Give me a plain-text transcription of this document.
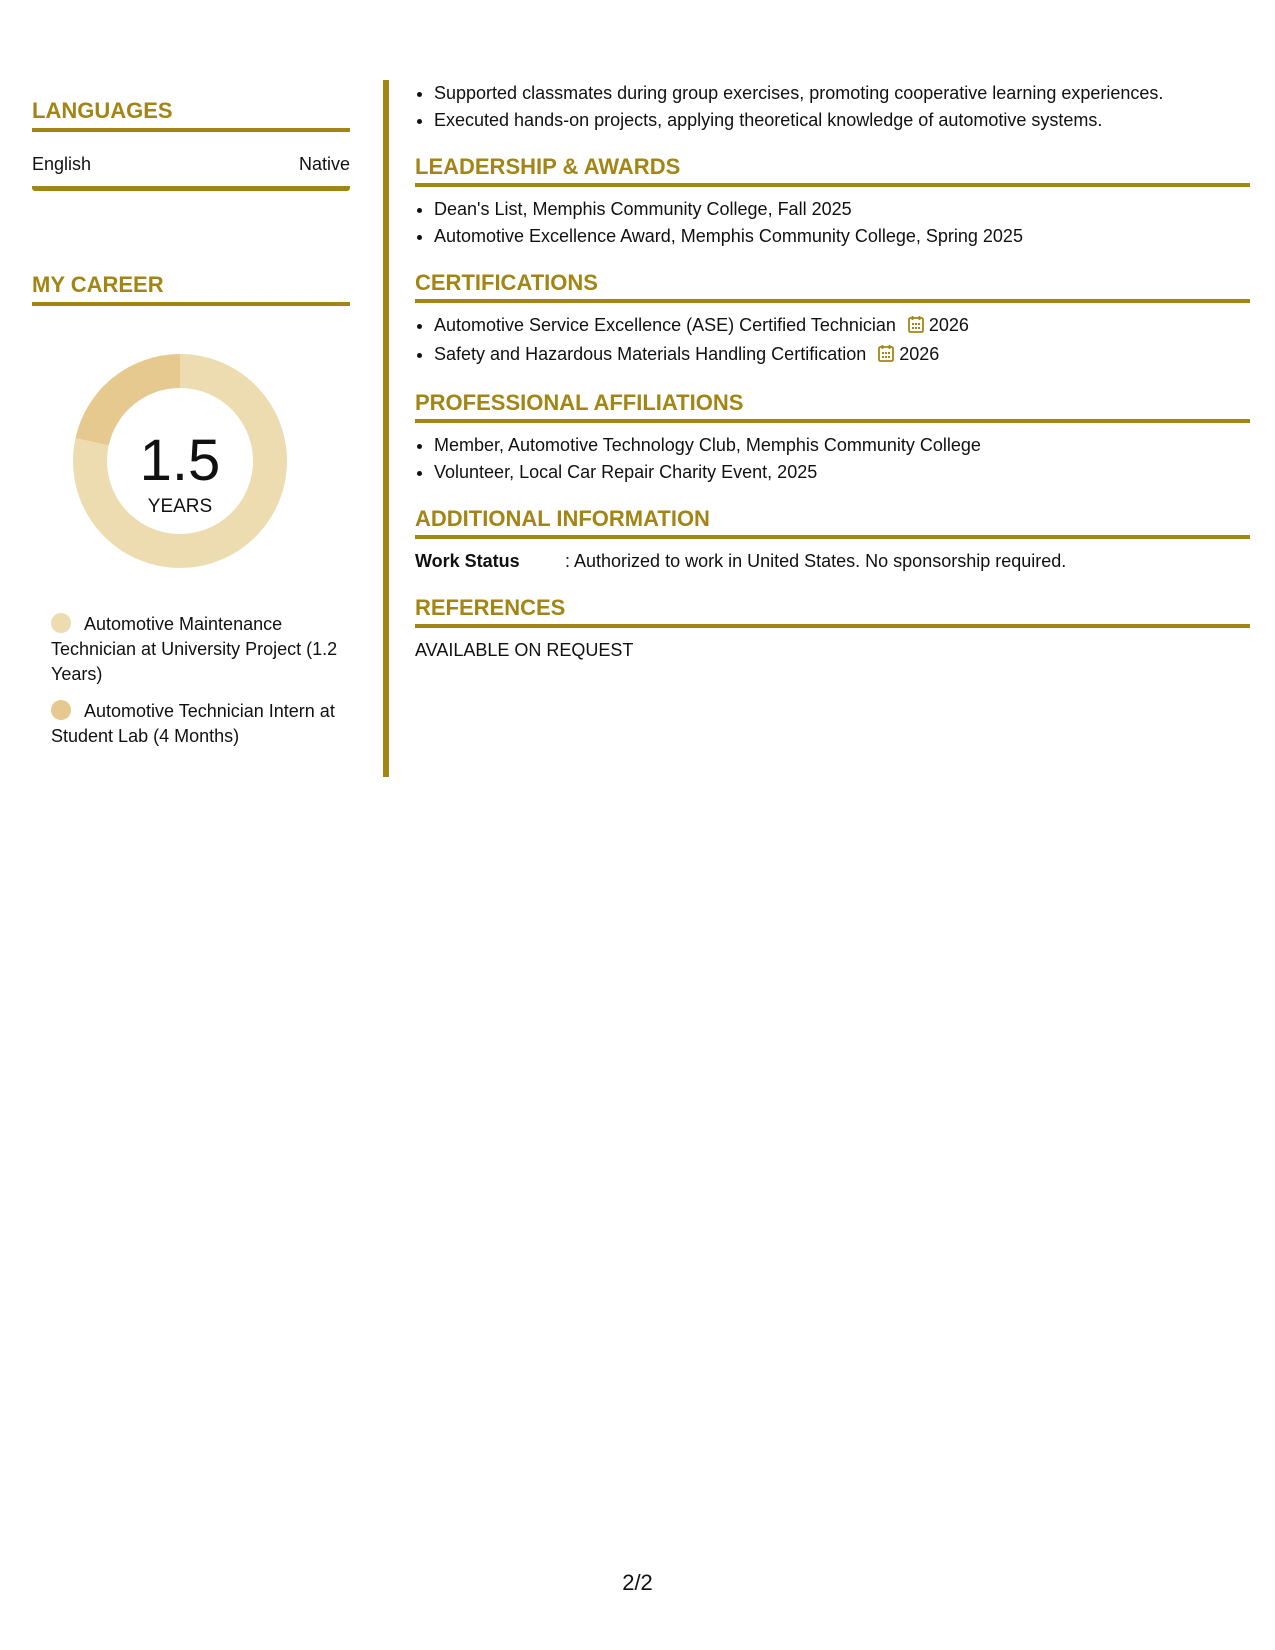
LANGUAGES
English	Native
MY CAREER
1.5
YEARS
Automotive Maintenance Technician at University Project (1.2 Years)
Automotive Technician Intern at Student Lab (4 Months)
• Supported classmates during group exercises, promoting cooperative learning experiences.
• Executed hands-on projects, applying theoretical knowledge of automotive systems.
LEADERSHIP & AWARDS
• Dean's List, Memphis Community College, Fall 2025
• Automotive Excellence Award, Memphis Community College, Spring 2025
CERTIFICATIONS
• Automotive Service Excellence (ASE) Certified Technician 2026
• Safety and Hazardous Materials Handling Certification 2026
PROFESSIONAL AFFILIATIONS
• Member, Automotive Technology Club, Memphis Community College
• Volunteer, Local Car Repair Charity Event, 2025
ADDITIONAL INFORMATION
Work Status	: Authorized to work in United States. No sponsorship required.
REFERENCES
AVAILABLE ON REQUEST
2/2
